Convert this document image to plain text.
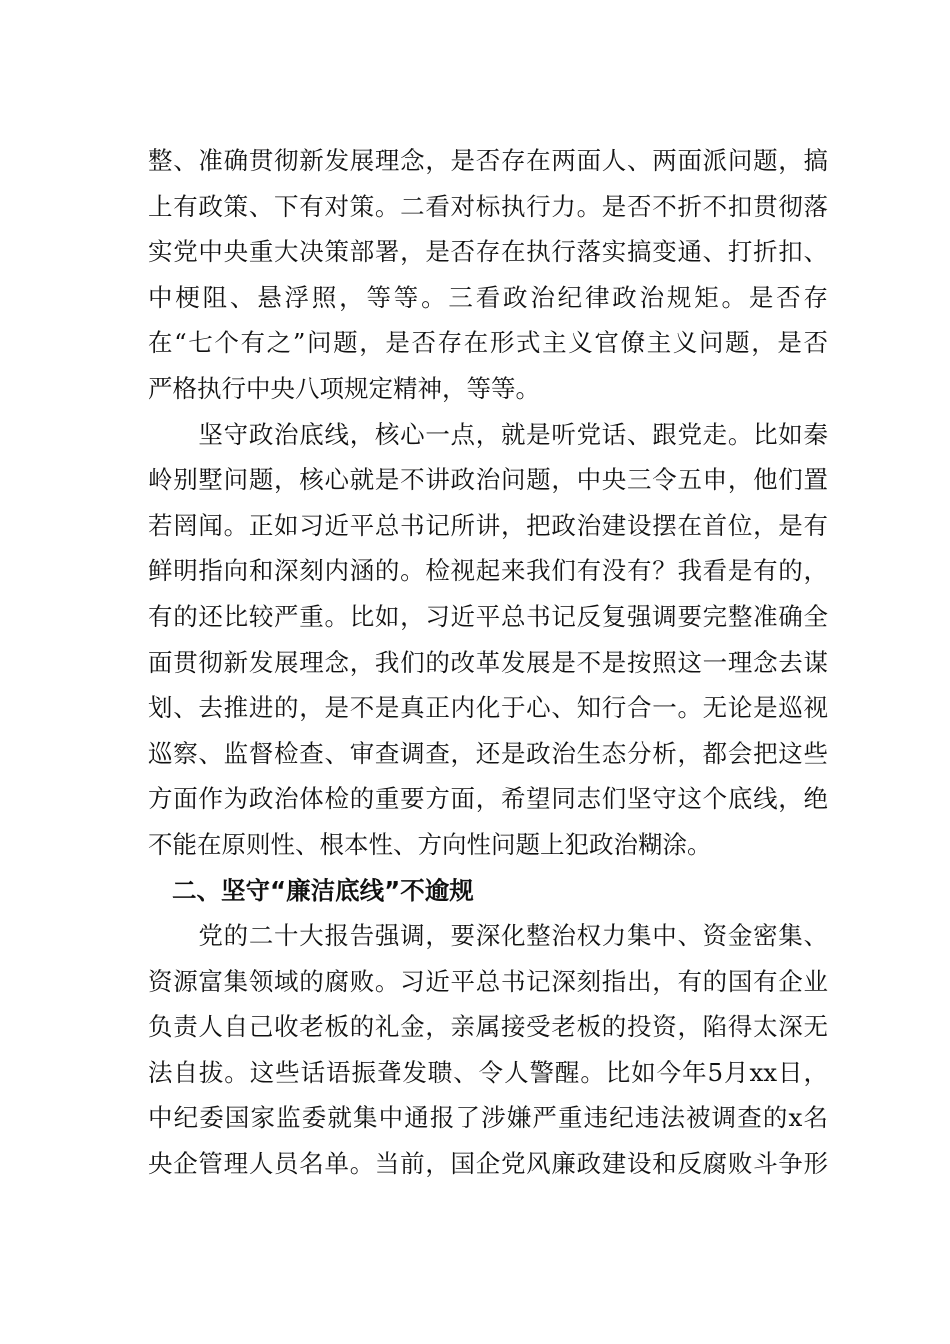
整、准确贯彻新发展理念，是否存在两面人、两面派问题，搞
上有政策、下有对策。二看对标执行力。是否不折不扣贯彻落
实党中央重大决策部署，是否存在执行落实搞变通、打折扣、
中梗阻、悬浮照，等等。三看政治纪律政治规矩。是否存
在“七个有之”问题，是否存在形式主义官僚主义问题，是否
严格执行中央八项规定精神，等等。

　　坚守政治底线，核心一点，就是听党话、跟党走。比如秦
岭别墅问题，核心就是不讲政治问题，中央三令五申，他们置
若罔闻。正如习近平总书记所讲，把政治建设摆在首位，是有
鲜明指向和深刻内涵的。检视起来我们有没有？我看是有的，
有的还比较严重。比如，习近平总书记反复强调要完整准确全
面贯彻新发展理念，我们的改革发展是不是按照这一理念去谋
划、去推进的，是不是真正内化于心、知行合一。无论是巡视
巡察、监督检查、审查调查，还是政治生态分析，都会把这些
方面作为政治体检的重要方面，希望同志们坚守这个底线，绝
不能在原则性、根本性、方向性问题上犯政治糊涂。

二、坚守“廉洁底线”不逾规

　　党的二十大报告强调，要深化整治权力集中、资金密集、
资源富集领域的腐败。习近平总书记深刻指出，有的国有企业
负责人自己收老板的礼金，亲属接受老板的投资，陷得太深无
法自拔。这些话语振聋发聩、令人警醒。比如今年5月xx日，
中纪委国家监委就集中通报了涉嫌严重违纪违法被调查的x名
央企管理人员名单。当前，国企党风廉政建设和反腐败斗争形
